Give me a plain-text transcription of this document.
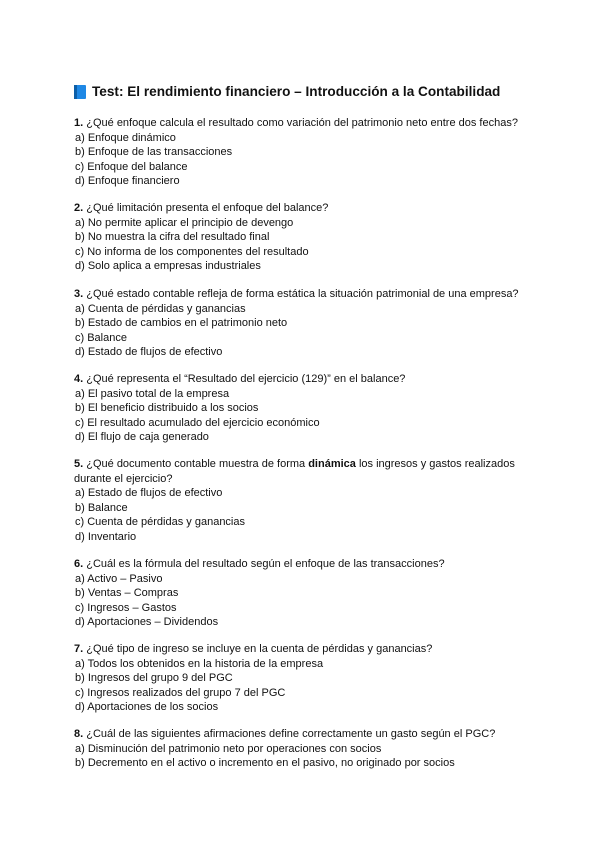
Test: El rendimiento financiero – Introducción a la Contabilidad
1. ¿Qué enfoque calcula el resultado como variación del patrimonio neto entre dos fechas?
a) Enfoque dinámico
b) Enfoque de las transacciones
c) Enfoque del balance
d) Enfoque financiero
2. ¿Qué limitación presenta el enfoque del balance?
a) No permite aplicar el principio de devengo
b) No muestra la cifra del resultado final
c) No informa de los componentes del resultado
d) Solo aplica a empresas industriales
3. ¿Qué estado contable refleja de forma estática la situación patrimonial de una empresa?
a) Cuenta de pérdidas y ganancias
b) Estado de cambios en el patrimonio neto
c) Balance
d) Estado de flujos de efectivo
4. ¿Qué representa el “Resultado del ejercicio (129)” en el balance?
a) El pasivo total de la empresa
b) El beneficio distribuido a los socios
c) El resultado acumulado del ejercicio económico
d) El flujo de caja generado
5. ¿Qué documento contable muestra de forma dinámica los ingresos y gastos realizados durante el ejercicio?
a) Estado de flujos de efectivo
b) Balance
c) Cuenta de pérdidas y ganancias
d) Inventario
6. ¿Cuál es la fórmula del resultado según el enfoque de las transacciones?
a) Activo – Pasivo
b) Ventas – Compras
c) Ingresos – Gastos
d) Aportaciones – Dividendos
7. ¿Qué tipo de ingreso se incluye en la cuenta de pérdidas y ganancias?
a) Todos los obtenidos en la historia de la empresa
b) Ingresos del grupo 9 del PGC
c) Ingresos realizados del grupo 7 del PGC
d) Aportaciones de los socios
8. ¿Cuál de las siguientes afirmaciones define correctamente un gasto según el PGC?
a) Disminución del patrimonio neto por operaciones con socios
b) Decremento en el activo o incremento en el pasivo, no originado por socios
